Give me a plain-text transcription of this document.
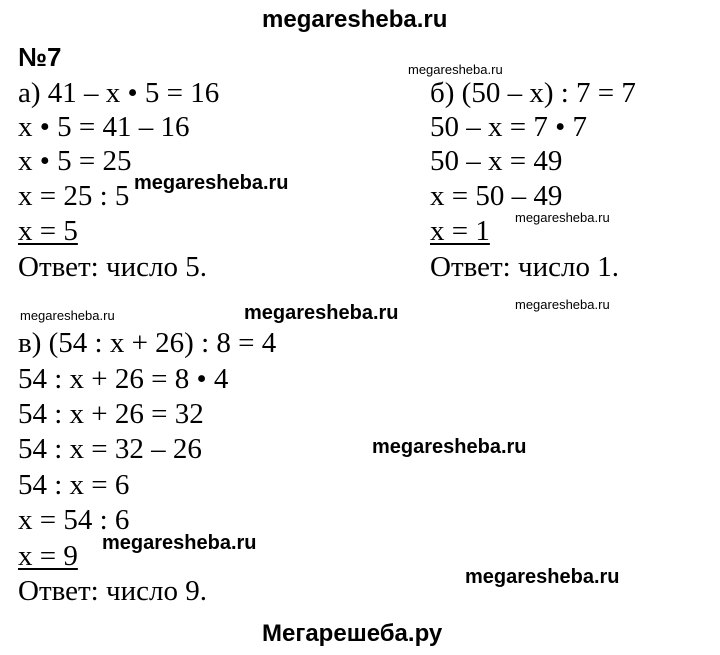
megaresheba.ru
Мегарешеба.ру
№7
а) 41 – x • 5 = 16
x • 5 = 41 – 16
x • 5 = 25
x = 25 : 5
x = 5
Ответ: число 5.
б) (50 – x) : 7 = 7
50 – x = 7 • 7
50 – x = 49
x = 50 – 49
x = 1
Ответ: число 1.
в) (54 : x + 26) : 8 = 4
54 : x + 26 = 8 • 4
54 : x + 26 = 32
54 : x = 32 – 26
54 : x = 6
x = 54 : 6
x = 9
Ответ: число 9.
megaresheba.ru
megaresheba.ru
megaresheba.ru
megaresheba.ru
megaresheba.ru	megaresheba.ru
megaresheba.ru
megaresheba.ru
megaresheba.ru
